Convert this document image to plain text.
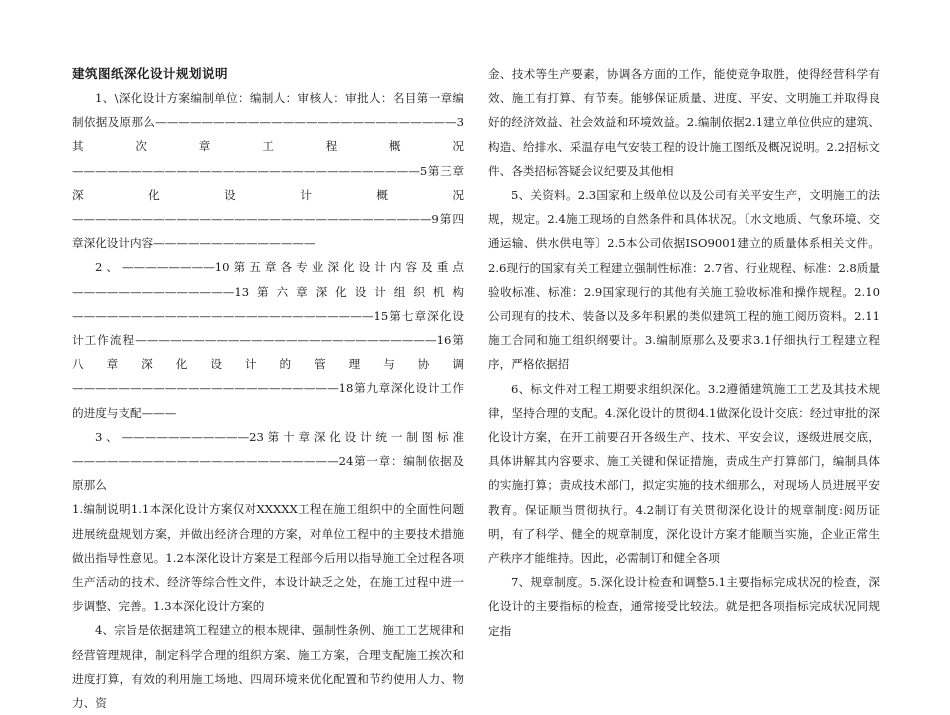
建筑图纸深化设计规划说明

1、\深化设计方案编制单位：编制人：审核人：审批人：名目第一章编制依据及原那么——————————————————————————3其次章工程概况——————————————————————————————5第三章深化设计概况———————————————————————————————9第四章深化设计内容——————————————

2、————————10第五章各专业深化设计内容及重点——————————————13第六章深化设计组织机构——————————————————————————15第七章深化设计工作流程——————————————————————————16第八章深化设计的管理与协调———————————————————————18第九章深化设计工作的进度与支配———

3、———————————23第十章深化设计统一制图标准———————————————————————24第一章：编制依据及原那么

1.编制说明1.1本深化设计方案仅对XXXXX工程在施工组织中的全面性问题进展统盘规划方案，并做出经济合理的方案，对单位工程中的主要技术措施做出指导性意见。1.2本深化设计方案是工程部今后用以指导施工全过程各项生产活动的技术、经济等综合性文件，本设计缺乏之处，在施工过程中进一步调整、完善。1.3本深化设计方案的

4、宗旨是依据建筑工程建立的根本规律、强制性条例、施工工艺规律和经营管理规律，制定科学合理的组织方案、施工方案，合理支配施工挨次和进度打算，有效的利用施工场地、四周环境来优化配置和节约使用人力、物力、资

金、技术等生产要素，协调各方面的工作，能使竞争取胜，使得经营科学有效、施工有打算、有节奏。能够保证质量、进度、平安、文明施工并取得良好的经济效益、社会效益和环境效益。2.编制依据2.1建立单位供应的建筑、构造、给排水、采温存电气安装工程的设计施工图纸及概况说明。2.2招标文件、各类招标答疑会议纪要及其他相

5、关资料。2.3国家和上级单位以及公司有关平安生产，文明施工的法规，规定。2.4施工现场的自然条件和具体状况。〔水文地质、气象环境、交通运输、供水供电等〕2.5本公司依据ISO9001建立的质量体系相关文件。2.6现行的国家有关工程建立强制性标准：2.7省、行业规程、标准：2.8质量验收标准、标准：2.9国家现行的其他有关施工验收标准和操作规程。2.10公司现有的技术、装备以及多年积累的类似建筑工程的施工阅历资料。2.11施工合同和施工组织纲要计。3.编制原那么及要求3.1仔细执行工程建立程序，严格依据招

6、标文件对工程工期要求组织深化。3.2遵循建筑施工工艺及其技术规律，坚持合理的支配。4.深化设计的贯彻4.1做深化设计交底：经过审批的深化设计方案，在开工前要召开各级生产、技术、平安会议，逐级进展交底，具体讲解其内容要求、施工关键和保证措施，责成生产打算部门，编制具体的实施打算；责成技术部门，拟定实施的技术细那么，对现场人员进展平安教育。保证顺当贯彻执行。4.2制订有关贯彻深化设计的规章制度:阅历证明，有了科学、健全的规章制度，深化设计方案才能顺当实施，企业正常生产秩序才能维持。因此，必需制订和健全各项

7、规章制度。5.深化设计检查和调整5.1主要指标完成状况的检查，深化设计的主要指标的检查，通常接受比较法。就是把各项指标完成状况同规定指
